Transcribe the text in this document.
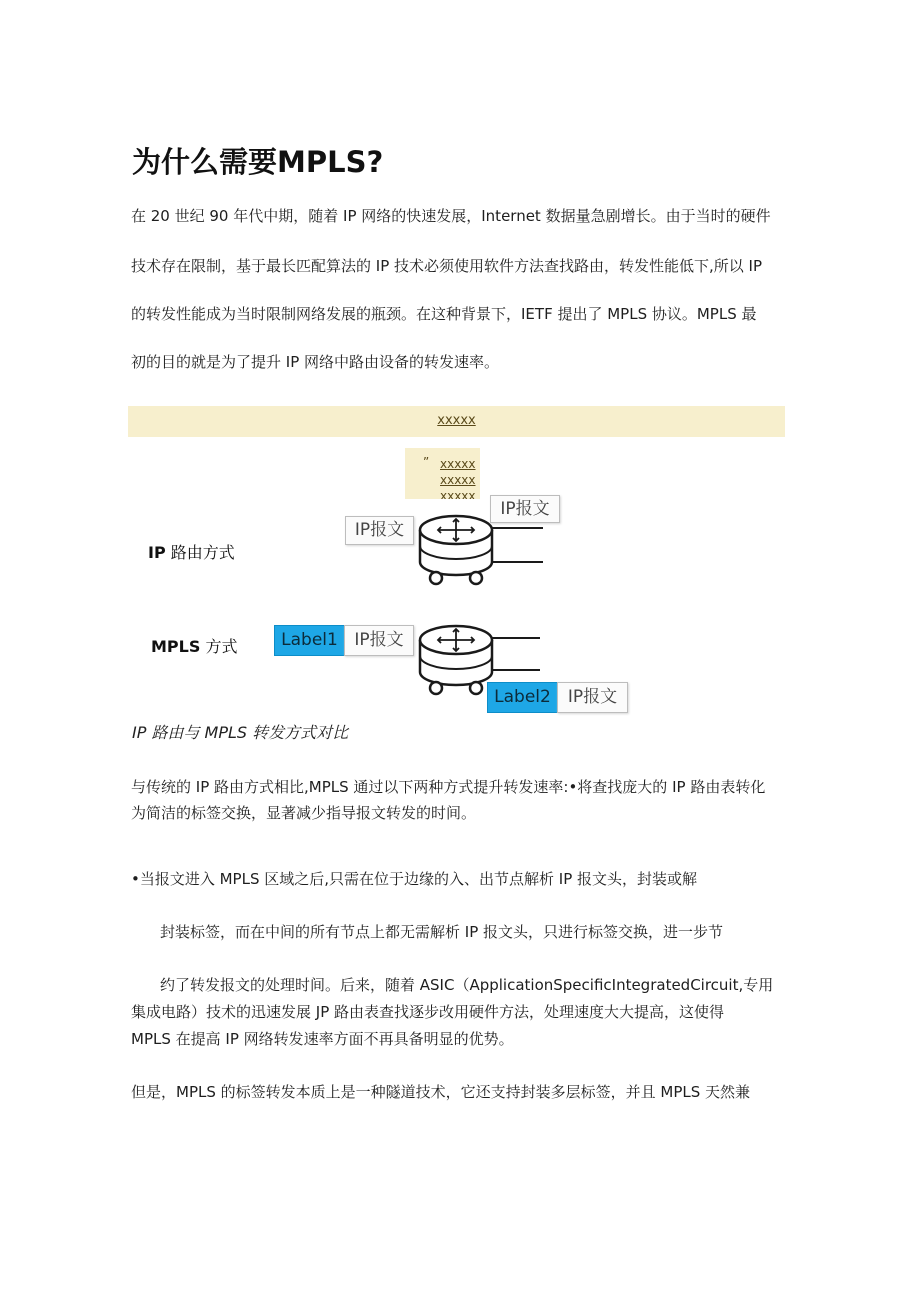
为什么需要MPLS?
在 20 世纪 90 年代中期，随着 IP 网络的快速发展，Internet 数据量急剧增长。由于当时的硬件
技术存在限制，基于最长匹配算法的 IP 技术必须使用软件方法查找路由，转发性能低下,所以 IP
的转发性能成为当时限制网络发展的瓶颈。在这种背景下，IETF 提出了 MPLS 协议。MPLS 最
初的目的就是为了提升 IP 网络中路由设备的转发速率。
xxxxx
” xxxxx
xxxxx
xxxxx
IP 路由方式
MPLS 方式
IP报文
IP报文
Label1 IP报文
Label2	IP报文
IP 路由与 MPLS 转发方式对比
与传统的 IP 路由方式相比,MPLS 通过以下两种方式提升转发速率:•将查找庞大的 IP 路由表转化
为简洁的标签交换，显著减少指导报文转发的时间。
•当报文进入 MPLS 区域之后,只需在位于边缘的入、出节点解析 IP 报文头，封装或解
封装标签，而在中间的所有节点上都无需解析 IP 报文头，只进行标签交换，进一步节
约了转发报文的处理时间。后来，随着 ASIC（ApplicationSpecificIntegratedCircuit,专用
集成电路）技术的迅速发展 JP 路由表查找逐步改用硬件方法，处理速度大大提高，这使得
MPLS 在提高 IP 网络转发速率方面不再具备明显的优势。
但是，MPLS 的标签转发本质上是一种隧道技术，它还支持封装多层标签，并且 MPLS 天然兼
